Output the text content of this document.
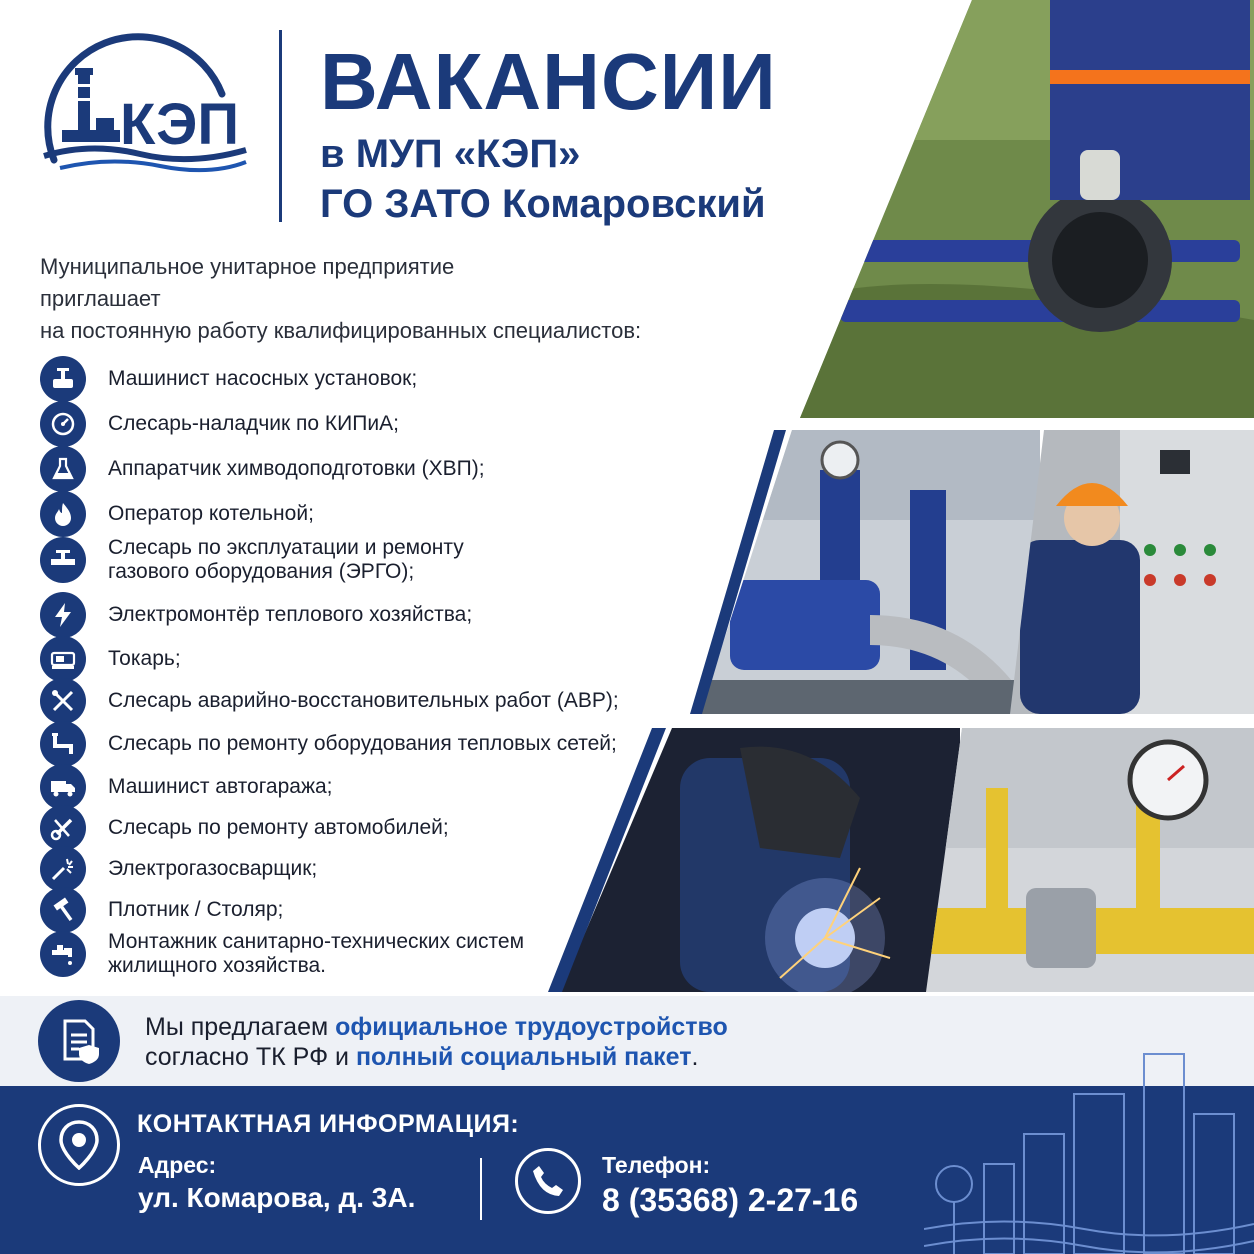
КЭП ВАКАНСИИ
в МУП «КЭП»
ГО ЗАТО Комаровский
Муниципальное унитарное предприятие
приглашает
на постоянную работу квалифицированных специалистов:
Машинист насосных установок;
Слесарь-наладчик по КИПиА;
Аппаратчик химводоподготовки (ХВП);
Оператор котельной;
Слесарь по эксплуатации и ремонту
газового оборудования (ЭРГО);
Электромонтёр теплового хозяйства;
Токарь;
Слесарь аварийно-восстановительных работ (АВР);
Слесарь по ремонту оборудования тепловых сетей;
Машинист автогаража;
Слесарь по ремонту автомобилей;
Электрогазосварщик;
Плотник / Столяр;
Монтажник санитарно-технических систем
жилищного хозяйства.
Мы предлагаем официальное трудоустройство
согласно ТК РФ и полный социальный пакет.
КОНТАКТНАЯ ИНФОРМАЦИЯ:
Адрес:
ул. Комарова, д. 3А.
Телефон:
8 (35368) 2-27-16
